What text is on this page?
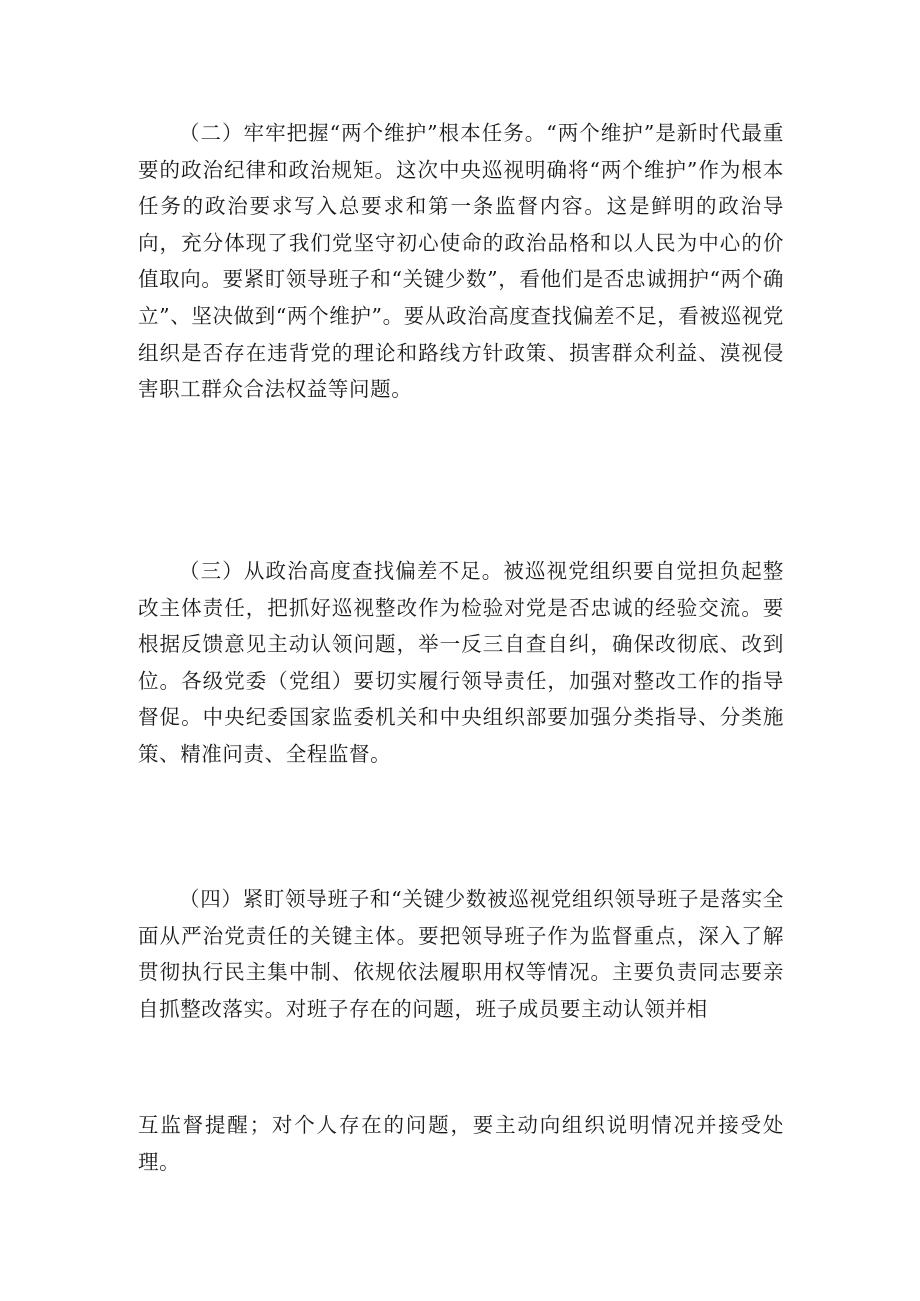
（二）牢牢把握“两个维护”根本任务。“两个维护”是新时代最重要的政治纪律和政治规矩。这次中央巡视明确将“两个维护”作为根本任务的政治要求写入总要求和第一条监督内容。这是鲜明的政治导向，充分体现了我们党坚守初心使命的政治品格和以人民为中心的价值取向。要紧盯领导班子和“关键少数”，看他们是否忠诚拥护“两个确立”、坚决做到“两个维护”。要从政治高度查找偏差不足，看被巡视党组织是否存在违背党的理论和路线方针政策、损害群众利益、漠视侵害职工群众合法权益等问题。

（三）从政治高度查找偏差不足。被巡视党组织要自觉担负起整改主体责任，把抓好巡视整改作为检验对党是否忠诚的经验交流。要根据反馈意见主动认领问题，举一反三自查自纠，确保改彻底、改到位。各级党委（党组）要切实履行领导责任，加强对整改工作的指导督促。中央纪委国家监委机关和中央组织部要加强分类指导、分类施策、精准问责、全程监督。

（四）紧盯领导班子和“关键少数被巡视党组织领导班子是落实全面从严治党责任的关键主体。要把领导班子作为监督重点，深入了解贯彻执行民主集中制、依规依法履职用权等情况。主要负责同志要亲自抓整改落实。对班子存在的问题，班子成员要主动认领并相

互监督提醒；对个人存在的问题，要主动向组织说明情况并接受处理。
